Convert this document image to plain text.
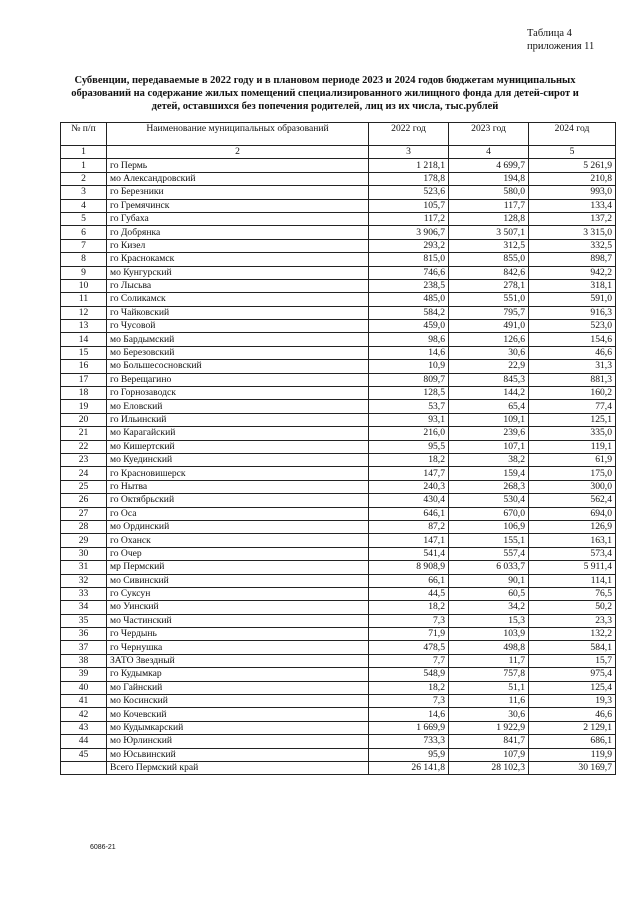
Таблица 4
приложения 11
Субвенции, передаваемые в 2022 году и в плановом периоде 2023 и 2024 годов бюджетам муниципальных образований на содержание жилых помещений специализированного жилищного фонда для детей-сирот и детей, оставшихся без попечения родителей, лиц из их числа, тыс.рублей
№ п/п	Наименование муниципальных образований	2022 год	2023 год	2024 год
1	2	3	4	5
1	го Пермь	1 218,1	4 699,7	5 261,9
2	мо Александровский	178,8	194,8	210,8
3	го Березники	523,6	580,0	993,0
4	го Гремячинск	105,7	117,7	133,4
5	го Губаха	117,2	128,8	137,2
6	го Добрянка	3 906,7	3 507,1	3 315,0
7	го Кизел	293,2	312,5	332,5
8	го Краснокамск	815,0	855,0	898,7
9	мо Кунгурский	746,6	842,6	942,2
10	го Лысьва	238,5	278,1	318,1
11	го Соликамск	485,0	551,0	591,0
12	го Чайковский	584,2	795,7	916,3
13	го Чусовой	459,0	491,0	523,0
14	мо Бардымский	98,6	126,6	154,6
15	мо Березовский	14,6	30,6	46,6
16	мо Большесосновский	10,9	22,9	31,3
17	го Верещагино	809,7	845,3	881,3
18	го Горнозаводск	128,5	144,2	160,2
19	мо Еловский	53,7	65,4	77,4
20	го Ильинский	93,1	109,1	125,1
21	мо Карагайский	216,0	239,6	335,0
22	мо Кишертский	95,5	107,1	119,1
23	мо Куединский	18,2	38,2	61,9
24	го Красновишерск	147,7	159,4	175,0
25	го Нытва	240,3	268,3	300,0
26	го Октябрьский	430,4	530,4	562,4
27	го Оса	646,1	670,0	694,0
28	мо Ординский	87,2	106,9	126,9
29	го Оханск	147,1	155,1	163,1
30	го Очер	541,4	557,4	573,4
31	мр Пермский	8 908,9	6 033,7	5 911,4
32	мо Сивинский	66,1	90,1	114,1
33	го Суксун	44,5	60,5	76,5
34	мо Уинский	18,2	34,2	50,2
35	мо Частинский	7,3	15,3	23,3
36	го Чердынь	71,9	103,9	132,2
37	го Чернушка	478,5	498,8	584,1
38	ЗАТО Звездный	7,7	11,7	15,7
39	го Кудымкар	548,9	757,8	975,4
40	мо Гайнский	18,2	51,1	125,4
41	мо Косинский	7,3	11,6	19,3
42	мо Кочевский	14,6	30,6	46,6
43	мо Кудымкарский	1 669,9	1 922,9	2 129,1
44	мо Юрлинский	733,3	841,7	686,1
45	мо Юсьвинский	95,9	107,9	119,9
	Всего Пермский край	26 141,8	28 102,3	30 169,7
6086-21
